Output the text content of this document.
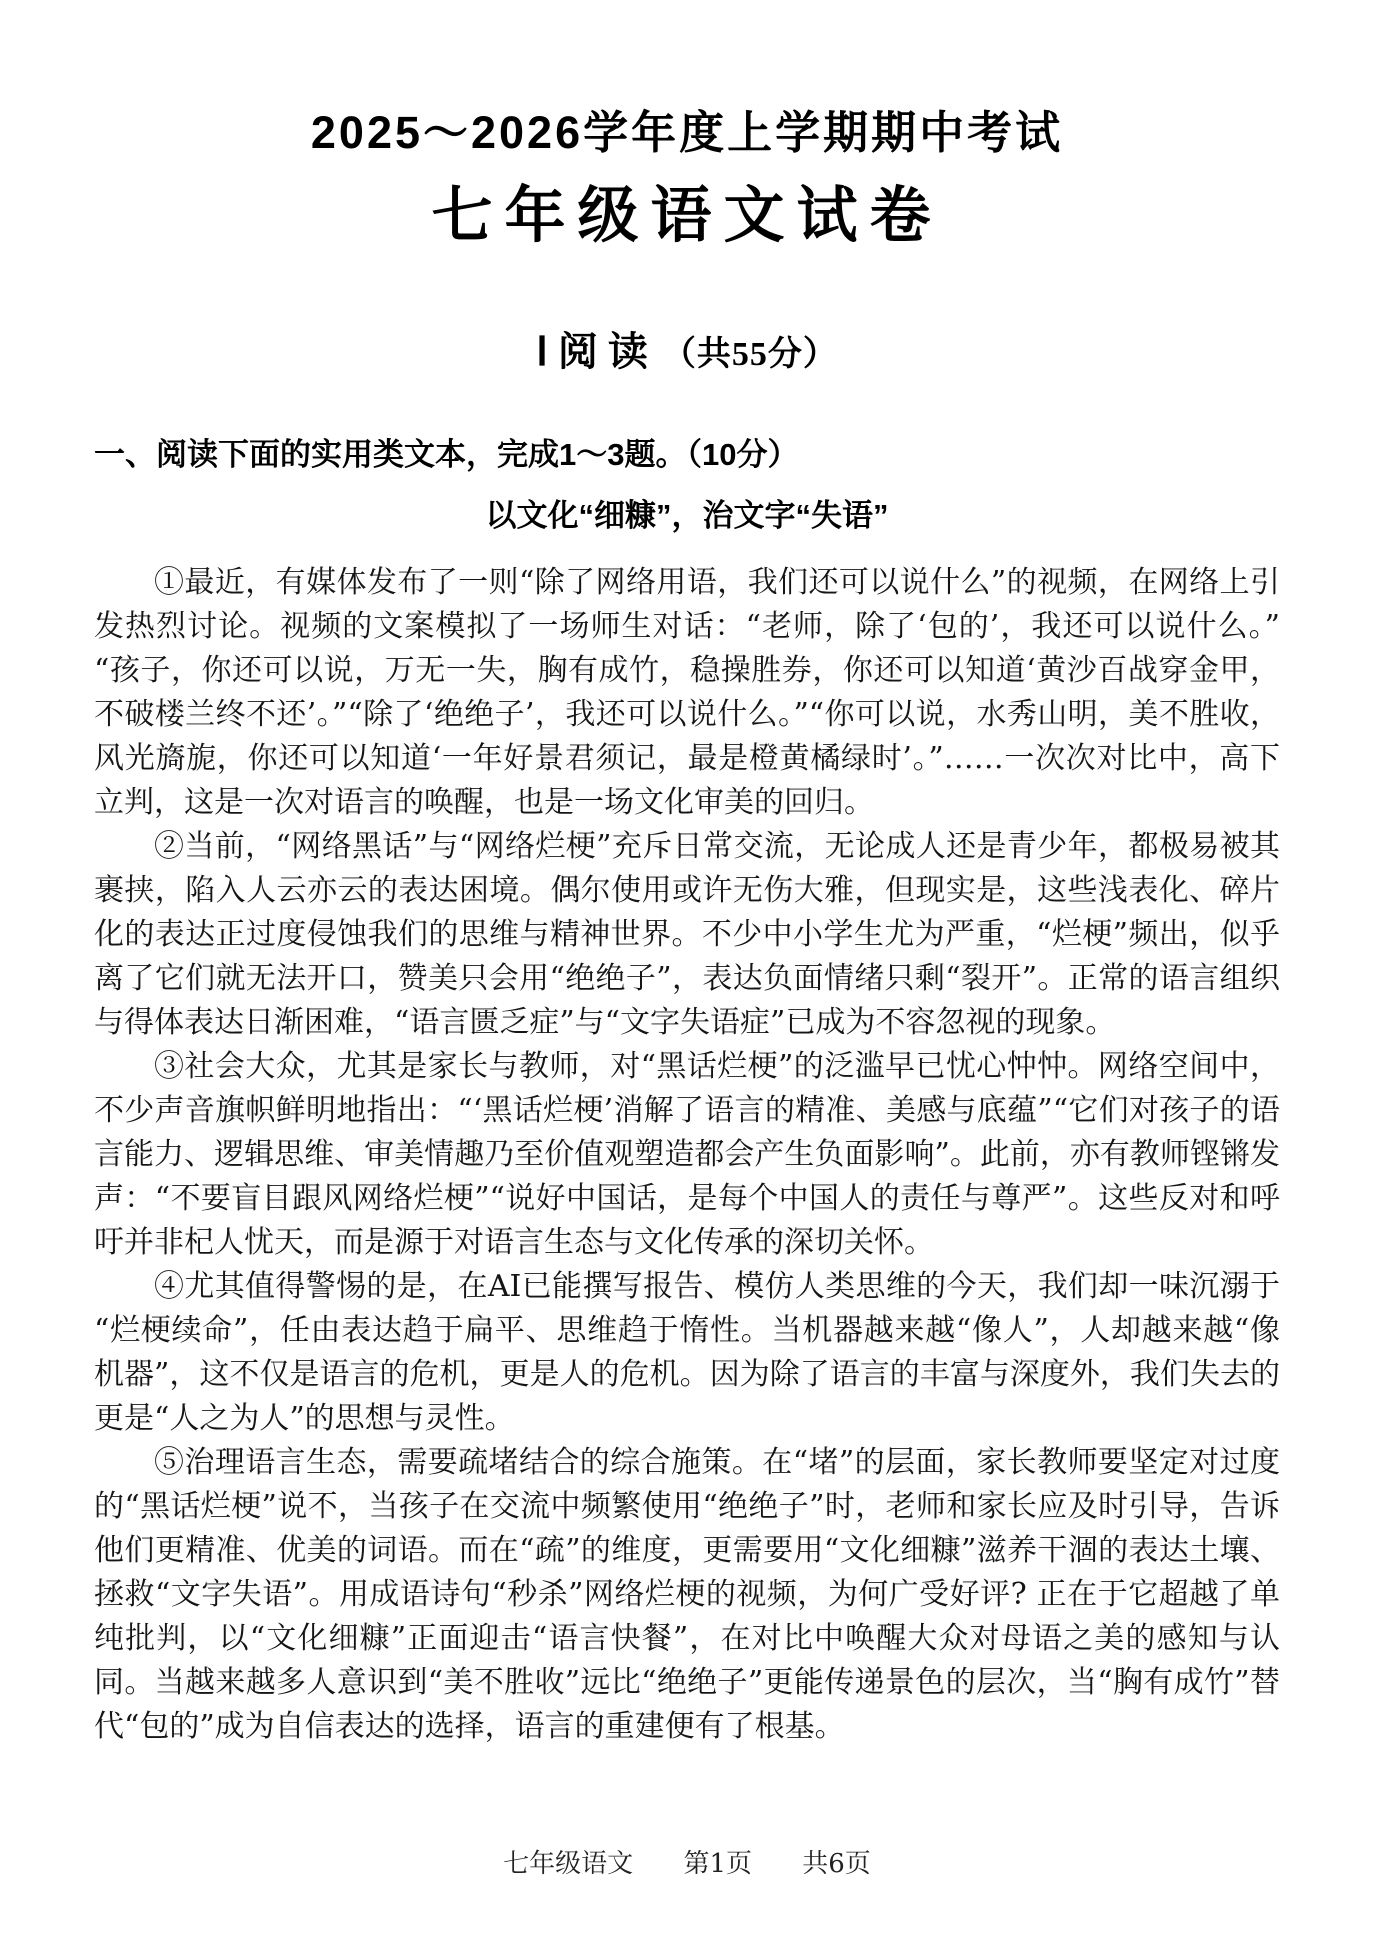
2025～2026学年度上学期期中考试
七年级语文试卷
Ⅰ 阅 读 （共55分）
一、阅读下面的实用类文本，完成1～3题。（10分）
以文化“细糠”，治文字“失语”

①最近，有媒体发布了一则“除了网络用语，我们还可以说什么”的视频，在网络上引发热烈讨论。视频的文案模拟了一场师生对话：“老师，除了‘包的’，我还可以说什么。”“孩子，你还可以说，万无一失，胸有成竹，稳操胜券，你还可以知道‘黄沙百战穿金甲，不破楼兰终不还’。”“除了‘绝绝子’，我还可以说什么。”“你可以说，水秀山明，美不胜收，风光旖旎，你还可以知道‘一年好景君须记，最是橙黄橘绿时’。”……一次次对比中，高下立判，这是一次对语言的唤醒，也是一场文化审美的回归。

②当前，“网络黑话”与“网络烂梗”充斥日常交流，无论成人还是青少年，都极易被其裹挟，陷入人云亦云的表达困境。偶尔使用或许无伤大雅，但现实是，这些浅表化、碎片化的表达正过度侵蚀我们的思维与精神世界。不少中小学生尤为严重，“烂梗”频出，似乎离了它们就无法开口，赞美只会用“绝绝子”，表达负面情绪只剩“裂开”。正常的语言组织与得体表达日渐困难，“语言匮乏症”与“文字失语症”已成为不容忽视的现象。

③社会大众，尤其是家长与教师，对“黑话烂梗”的泛滥早已忧心忡忡。网络空间中，不少声音旗帜鲜明地指出：“‘黑话烂梗’消解了语言的精准、美感与底蕴”“它们对孩子的语言能力、逻辑思维、审美情趣乃至价值观塑造都会产生负面影响”。此前，亦有教师铿锵发声：“不要盲目跟风网络烂梗”“说好中国话，是每个中国人的责任与尊严”。这些反对和呼吁并非杞人忧天，而是源于对语言生态与文化传承的深切关怀。

④尤其值得警惕的是，在AI已能撰写报告、模仿人类思维的今天，我们却一味沉溺于“烂梗续命”，任由表达趋于扁平、思维趋于惰性。当机器越来越“像人”，人却越来越“像机器”，这不仅是语言的危机，更是人的危机。因为除了语言的丰富与深度外，我们失去的更是“人之为人”的思想与灵性。

⑤治理语言生态，需要疏堵结合的综合施策。在“堵”的层面，家长教师要坚定对过度的“黑话烂梗”说不，当孩子在交流中频繁使用“绝绝子”时，老师和家长应及时引导，告诉他们更精准、优美的词语。而在“疏”的维度，更需要用“文化细糠”滋养干涸的表达土壤、拯救“文字失语”。用成语诗句“秒杀”网络烂梗的视频，为何广受好评? 正在于它超越了单纯批判，以“文化细糠”正面迎击“语言快餐”，在对比中唤醒大众对母语之美的感知与认同。当越来越多人意识到“美不胜收”远比“绝绝子”更能传递景色的层次，当“胸有成竹”替代“包的”成为自信表达的选择，语言的重建便有了根基。

七年级语文 第1页 共6页
